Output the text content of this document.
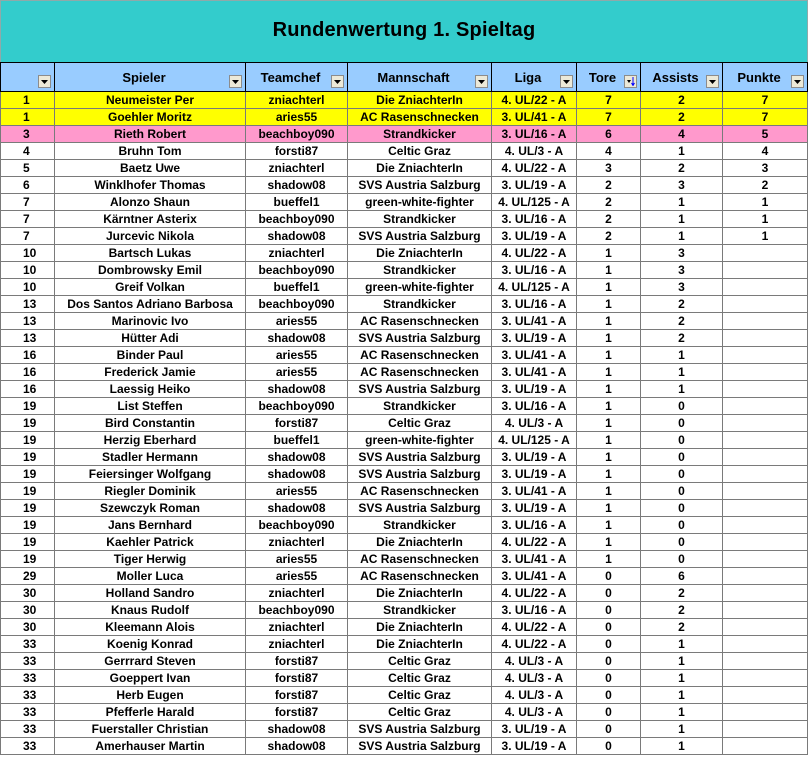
Rundenwertung 1. Spieltag
	Spieler	Teamchef	Mannschaft	Liga	Tore	Assists	Punkte

1	Neumeister Per	zniachterl	Die ZniachterIn	4. UL/22 - A	7	2	7
1	Goehler Moritz	aries55	AC Rasenschnecken	3. UL/41 - A	7	2	7
3	Rieth Robert	beachboy090	Strandkicker	3. UL/16 - A	6	4	5
4	Bruhn Tom	forsti87	Celtic Graz	4. UL/3 - A	4	1	4
5	Baetz Uwe	zniachterl	Die ZniachterIn	4. UL/22 - A	3	2	3
6	Winklhofer Thomas	shadow08	SVS Austria Salzburg	3. UL/19 - A	2	3	2
7	Alonzo Shaun	bueffel1	green-white-fighter	4. UL/125 - A	2	1	1
7	Kärntner Asterix	beachboy090	Strandkicker	3. UL/16 - A	2	1	1
7	Jurcevic Nikola	shadow08	SVS Austria Salzburg	3. UL/19 - A	2	1	1
10	Bartsch Lukas	zniachterl	Die ZniachterIn	4. UL/22 - A	1	3	
10	Dombrowsky Emil	beachboy090	Strandkicker	3. UL/16 - A	1	3	
10	Greif Volkan	bueffel1	green-white-fighter	4. UL/125 - A	1	3	
13	Dos Santos Adriano Barbosa	beachboy090	Strandkicker	3. UL/16 - A	1	2	
13	Marinovic Ivo	aries55	AC Rasenschnecken	3. UL/41 - A	1	2	
13	Hütter Adi	shadow08	SVS Austria Salzburg	3. UL/19 - A	1	2	
16	Binder Paul	aries55	AC Rasenschnecken	3. UL/41 - A	1	1	
16	Frederick Jamie	aries55	AC Rasenschnecken	3. UL/41 - A	1	1	
16	Laessig Heiko	shadow08	SVS Austria Salzburg	3. UL/19 - A	1	1	
19	List Steffen	beachboy090	Strandkicker	3. UL/16 - A	1	0	
19	Bird Constantin	forsti87	Celtic Graz	4. UL/3 - A	1	0	
19	Herzig Eberhard	bueffel1	green-white-fighter	4. UL/125 - A	1	0	
19	Stadler Hermann	shadow08	SVS Austria Salzburg	3. UL/19 - A	1	0	
19	Feiersinger Wolfgang	shadow08	SVS Austria Salzburg	3. UL/19 - A	1	0	
19	Riegler Dominik	aries55	AC Rasenschnecken	3. UL/41 - A	1	0	
19	Szewczyk Roman	shadow08	SVS Austria Salzburg	3. UL/19 - A	1	0	
19	Jans Bernhard	beachboy090	Strandkicker	3. UL/16 - A	1	0	
19	Kaehler Patrick	zniachterl	Die ZniachterIn	4. UL/22 - A	1	0	
19	Tiger Herwig	aries55	AC Rasenschnecken	3. UL/41 - A	1	0	
29	Moller Luca	aries55	AC Rasenschnecken	3. UL/41 - A	0	6	
30	Holland Sandro	zniachterl	Die ZniachterIn	4. UL/22 - A	0	2	
30	Knaus Rudolf	beachboy090	Strandkicker	3. UL/16 - A	0	2	
30	Kleemann Alois	zniachterl	Die ZniachterIn	4. UL/22 - A	0	2	
33	Koenig Konrad	zniachterl	Die ZniachterIn	4. UL/22 - A	0	1	
33	Gerrrard Steven	forsti87	Celtic Graz	4. UL/3 - A	0	1	
33	Goeppert Ivan	forsti87	Celtic Graz	4. UL/3 - A	0	1	
33	Herb Eugen	forsti87	Celtic Graz	4. UL/3 - A	0	1	
33	Pfefferle Harald	forsti87	Celtic Graz	4. UL/3 - A	0	1	
33	Fuerstaller Christian	shadow08	SVS Austria Salzburg	3. UL/19 - A	0	1	
33	Amerhauser Martin	shadow08	SVS Austria Salzburg	3. UL/19 - A	0	1	
